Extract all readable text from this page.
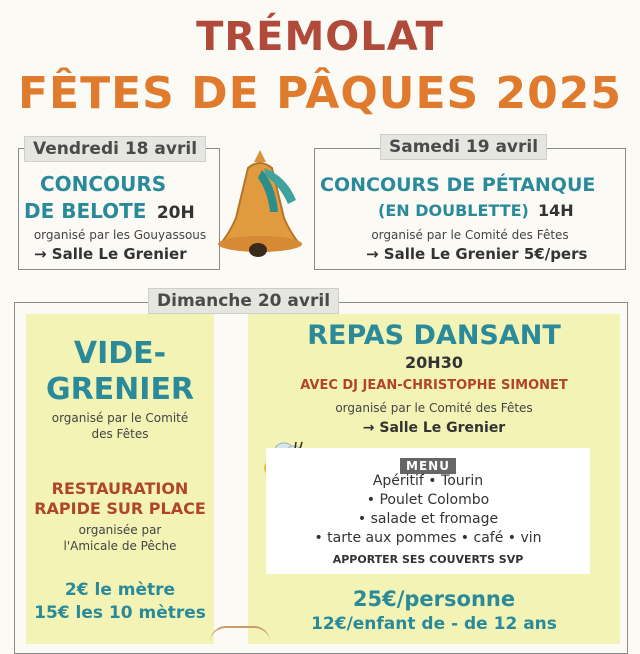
TRÉMOLAT
FÊTES DE PÂQUES 2025
Vendredi 18 avril
CONCOURS
DE BELOTE 20H
organisé par les Gouyassous
→ Salle Le Grenier
Samedi 19 avril
CONCOURS DE PÉTANQUE
(EN DOUBLETTE) 14H
organisé par le Comité des Fêtes
→ Salle Le Grenier 5€/pers
Dimanche 20 avril
VIDE-
GRENIER
organisé par le Comité
des Fêtes
RESTAURATION
RAPIDE SUR PLACE
organisée par
l'Amicale de Pêche
2€ le mètre
15€ les 10 mètres
REPAS DANSANT
20H30
AVEC DJ JEAN-CHRISTOPHE SIMONET
organisé par le Comité des Fêtes
→ Salle Le Grenier
MENU
Apéritif • Tourin
• Poulet Colombo
• salade et fromage
• tarte aux pommes • café • vin
APPORTER SES COUVERTS SVP
25€/personne
12€/enfant de - de 12 ans
